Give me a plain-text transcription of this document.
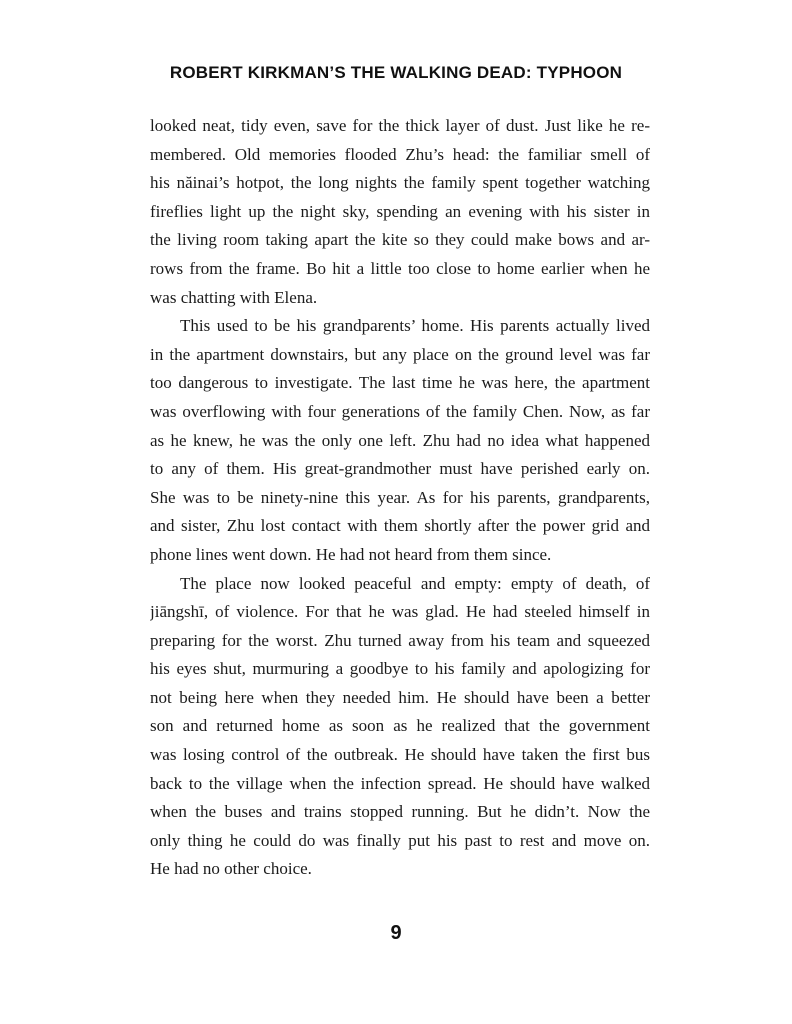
ROBERT KIRKMAN’S THE WALKING DEAD: TYPHOON
looked neat, tidy even, save for the thick layer of dust. Just like he re-
membered. Old memories flooded Zhu’s head: the familiar smell of
his năinai’s hotpot, the long nights the family spent together watching
fireflies light up the night sky, spending an evening with his sister in
the living room taking apart the kite so they could make bows and ar-
rows from the frame. Bo hit a little too close to home earlier when he
was chatting with Elena.
This used to be his grandparents’ home. His parents actually lived
in the apartment downstairs, but any place on the ground level was far
too dangerous to investigate. The last time he was here, the apartment
was overflowing with four generations of the family Chen. Now, as far
as he knew, he was the only one left. Zhu had no idea what happened
to any of them. His great-grandmother must have perished early on.
She was to be ninety-nine this year. As for his parents, grandparents,
and sister, Zhu lost contact with them shortly after the power grid and
phone lines went down. He had not heard from them since.
The place now looked peaceful and empty: empty of death, of
jiāngshī, of violence. For that he was glad. He had steeled himself in
preparing for the worst. Zhu turned away from his team and squeezed
his eyes shut, murmuring a goodbye to his family and apologizing for
not being here when they needed him. He should have been a better
son and returned home as soon as he realized that the government
was losing control of the outbreak. He should have taken the first bus
back to the village when the infection spread. He should have walked
when the buses and trains stopped running. But he didn’t. Now the
only thing he could do was finally put his past to rest and move on.
He had no other choice.
9
